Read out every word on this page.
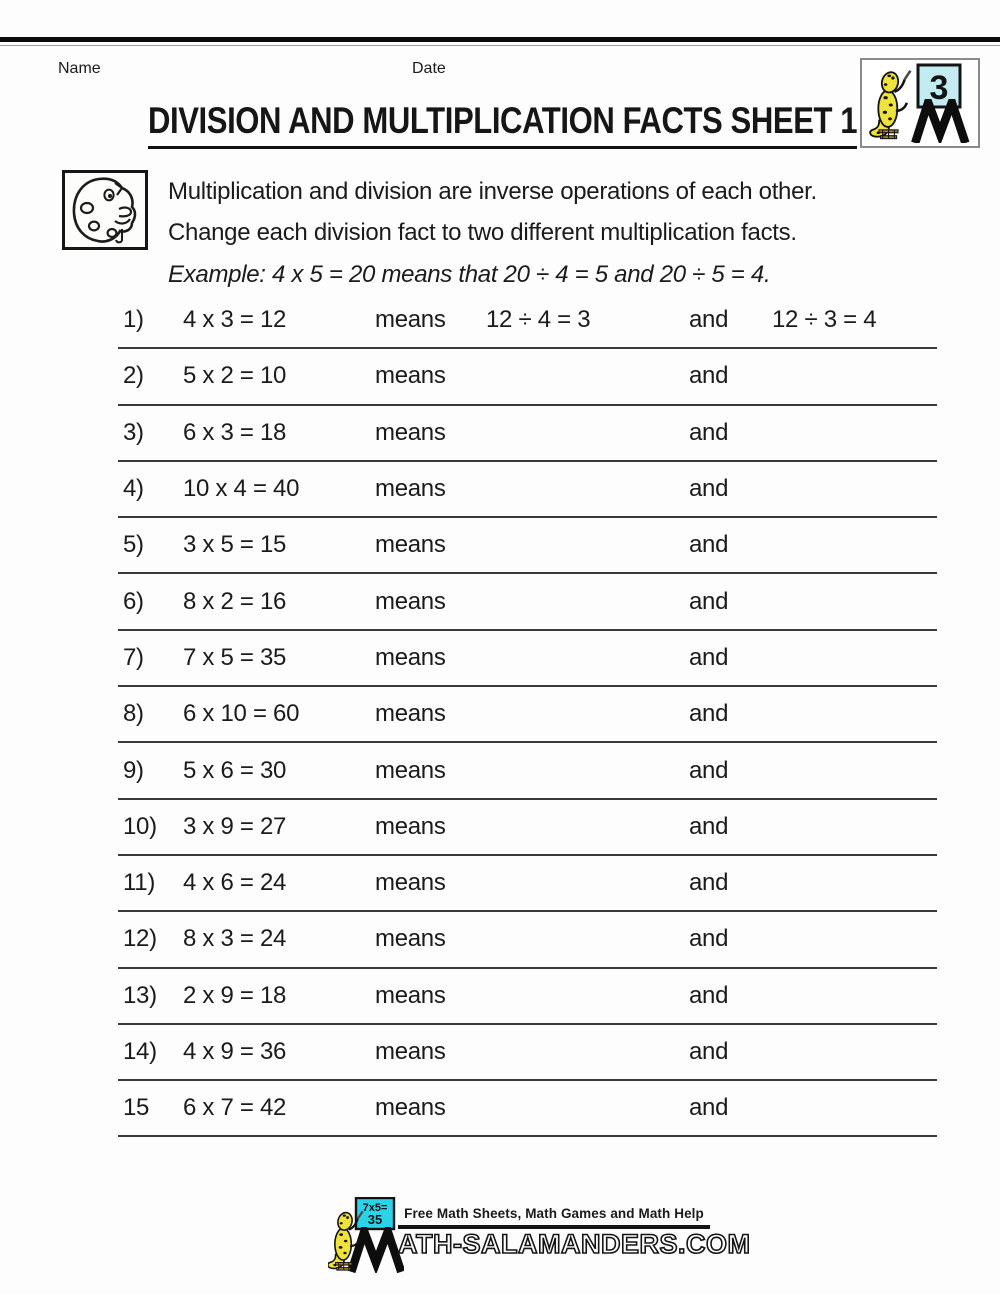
Name	Date
3
DIVISION AND MULTIPLICATION FACTS SHEET 1
Multiplication and division are inverse operations of each other.
Change each division fact to two different multiplication facts.
Example: 4 x 5 = 20 means that 20 ÷ 4 = 5 and 20 ÷ 5 = 4.
1)	4 x 3 = 12	means	12 ÷ 4 = 3	and	12 ÷ 3 = 4
2)	5 x 2 = 10	means	and
3)	6 x 3 = 18	means	and
4)	10 x 4 = 40	means	and
5)	3 x 5 = 15	means	and
6)	8 x 2 = 16	means	and
7)	7 x 5 = 35	means	and
8)	6 x 10 = 60	means	and
9)	5 x 6 = 30	means	and
10)	3 x 9 = 27	means	and
11)	4 x 6 = 24	means	and
12)	8 x 3 = 24	means	and
13)	2 x 9 = 18	means	and
14)	4 x 9 = 36	means	and
15	6 x 7 = 42	means	and
7x5=
35	Free Math Sheets, Math Games and Math Help
ATH-SALAMANDERS.COM
